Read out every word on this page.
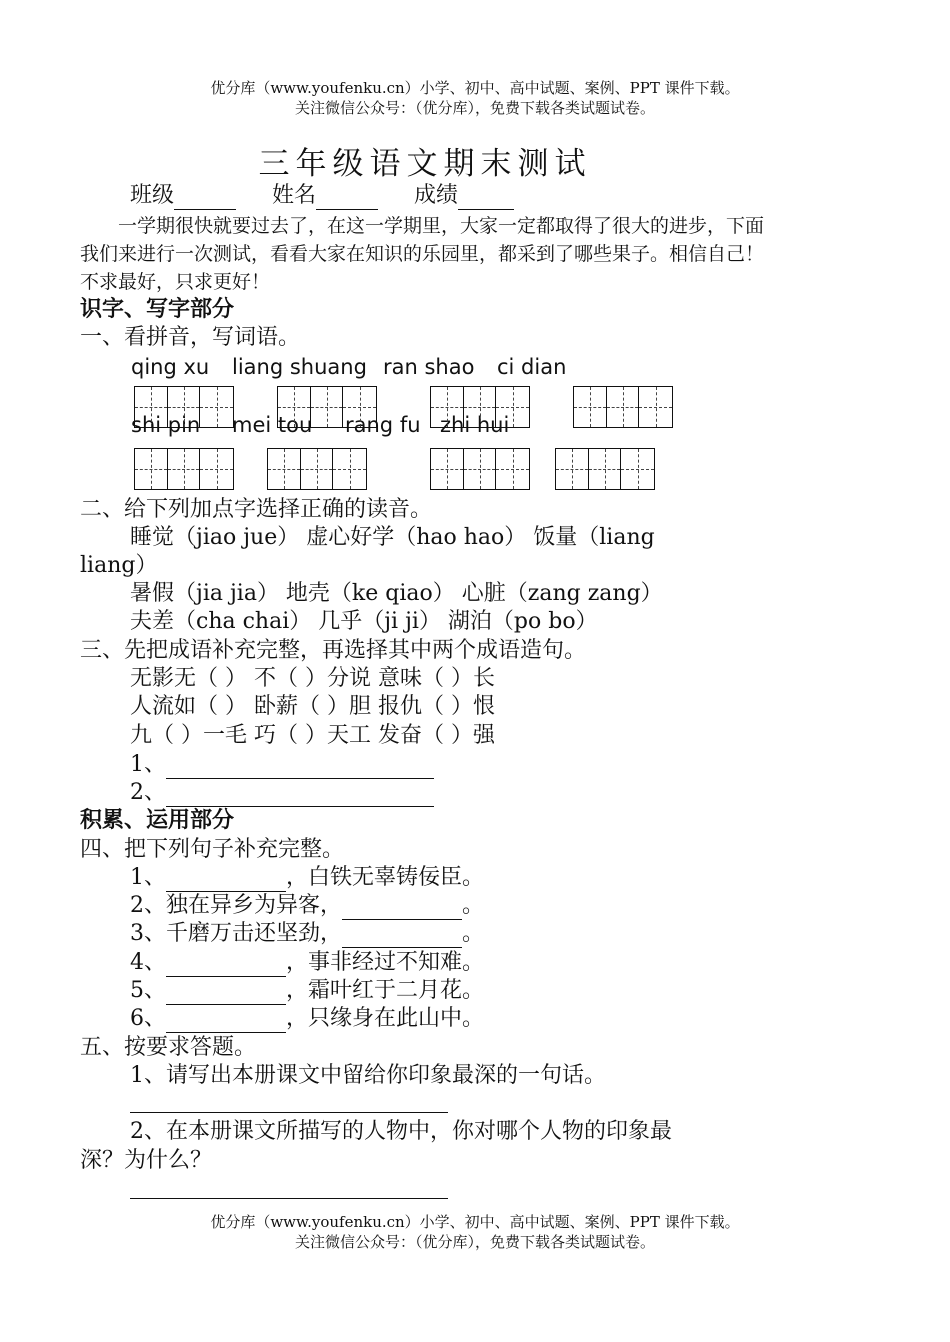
优分库（www.youfenku.cn）小学、初中、高中试题、案例、PPT 课件下载。
关注微信公众号：（优分库），免费下载各类试题试卷。
三年级语文期末测试
班级	姓名	成绩
一学期很快就要过去了，在这一学期里，大家一定都取得了很大的进步，下面我们来进行一次测试，看看大家在知识的乐园里，都采到了哪些果子。相信自己！不求最好，只求更好！
识字、写字部分
一、看拼音，写词语。
qing xu liang shuang ran shao ci dian
shi pin mei tou rang fu zhi hui
二、给下列加点字选择正确的读音。
睡觉（jiao jue） 虚心好学（hao hao） 饭量（liang
liang）
暑假（jia jia） 地壳（ke qiao） 心脏（zang zang）
夫差（cha chai） 几乎（ji ji） 湖泊（po bo）
三、先把成语补充完整，再选择其中两个成语造句。
无影无（ ） 不（ ）分说 意味（ ）长
人流如（ ） 卧薪（ ）胆 报仇（ ）恨
九（ ）一毛 巧（ ）天工 发奋（ ）强
1、
2、
积累、运用部分
四、把下列句子补充完整。
1、	，白铁无辜铸佞臣。
2、独在异乡为异客，	。
3、千磨万击还坚劲，	。
4、	，事非经过不知难。
5、	，霜叶红于二月花。
6、	，只缘身在此山中。
五、按要求答题。
1、请写出本册课文中留给你印象最深的一句话。
2、在本册课文所描写的人物中，你对哪个人物的印象最
深？为什么？
优分库（www.youfenku.cn）小学、初中、高中试题、案例、PPT 课件下载。
关注微信公众号：（优分库），免费下载各类试题试卷。
